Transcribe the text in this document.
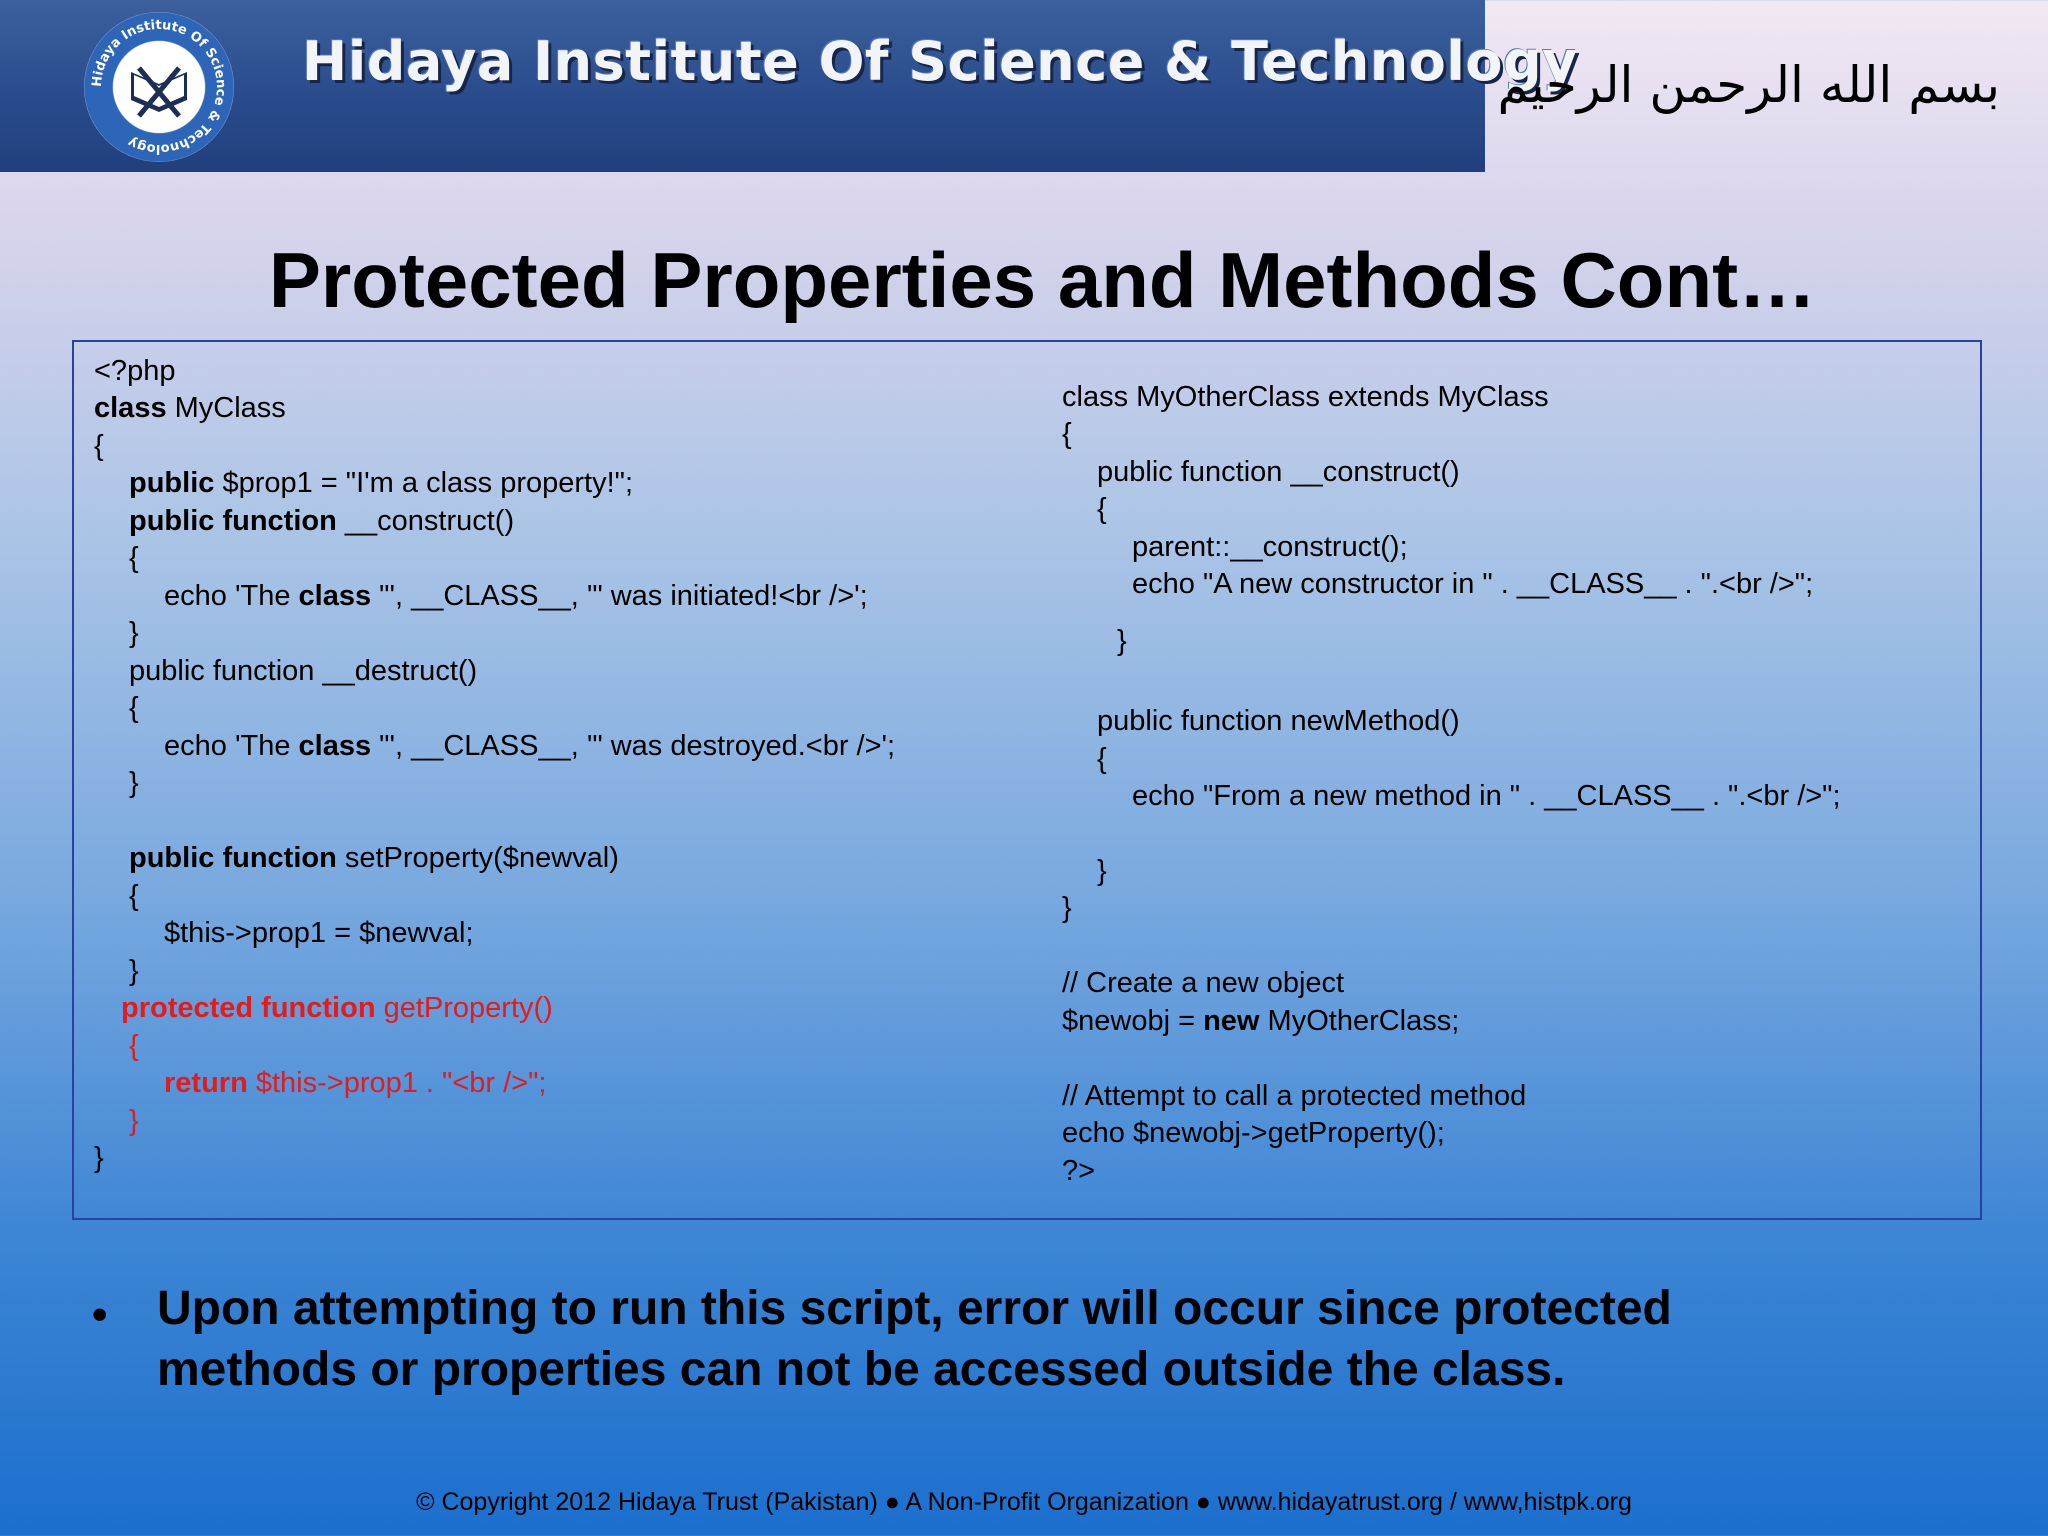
Hidaya Institute Of Science & Technology
Hidaya Institute Of Science & Technology
بسم الله الرحمن الرحيم
Protected Properties and Methods Cont…
<?php
class MyClass
{
public $prop1 = "I'm a class property!";
public function __construct()
{
echo 'The class "', __CLASS__, '" was initiated!<br />';
}
public function __destruct()
{
echo 'The class "', __CLASS__, '" was destroyed.<br />';
}
public function setProperty($newval)
{
$this->prop1 = $newval;
}
protected function getProperty()
{
return $this->prop1 . "<br />";
}
}
class MyOtherClass extends MyClass
{
public function __construct()
{
parent::__construct();
echo "A new constructor in " . __CLASS__ . ".<br />";
}
public function newMethod()
{
echo "From a new method in " . __CLASS__ . ".<br />";
}
}
// Create a new object
$newobj = new MyOtherClass;
// Attempt to call a protected method
echo $newobj->getProperty();
?>
• Upon attempting to run this script, error will occur since protected methods or properties can not be accessed outside the class.

© Copyright 2012 Hidaya Trust (Pakistan) ● A Non-Profit Organization ● www.hidayatrust.org / www,histpk.org
